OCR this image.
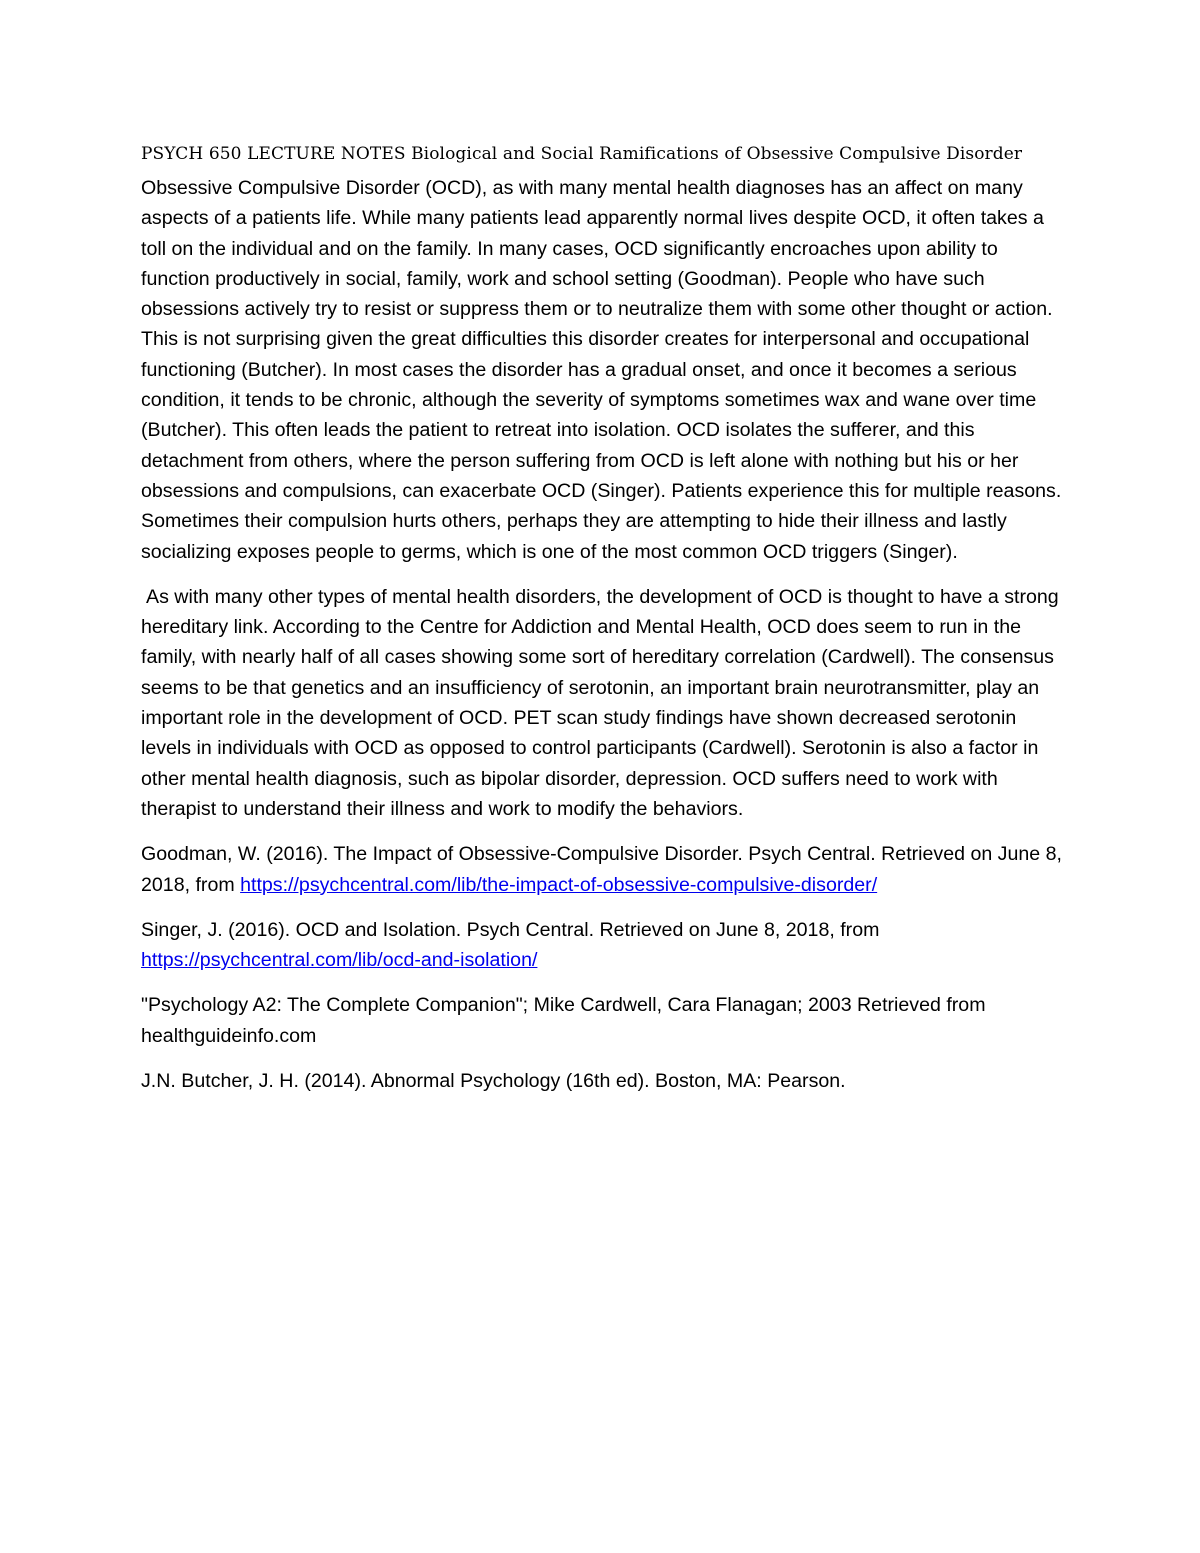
PSYCH 650 LECTURE NOTES Biological and Social Ramifications of Obsessive Compulsive Disorder

Obsessive Compulsive Disorder (OCD), as with many mental health diagnoses has an affect on many aspects of a patients life. While many patients lead apparently normal lives despite OCD, it often takes a toll on the individual and on the family. In many cases, OCD significantly encroaches upon ability to function productively in social, family, work and school setting (Goodman). People who have such obsessions actively try to resist or suppress them or to neutralize them with some other thought or action. This is not surprising given the great difficulties this disorder creates for interpersonal and occupational functioning (Butcher). In most cases the disorder has a gradual onset, and once it becomes a serious condition, it tends to be chronic, although the severity of symptoms sometimes wax and wane over time (Butcher). This often leads the patient to retreat into isolation. OCD isolates the sufferer, and this detachment from others, where the person suffering from OCD is left alone with nothing but his or her obsessions and compulsions, can exacerbate OCD (Singer). Patients experience this for multiple reasons. Sometimes their compulsion hurts others, perhaps they are attempting to hide their illness and lastly socializing exposes people to germs, which is one of the most common OCD triggers (Singer).

As with many other types of mental health disorders, the development of OCD is thought to have a strong hereditary link. According to the Centre for Addiction and Mental Health, OCD does seem to run in the family, with nearly half of all cases showing some sort of hereditary correlation (Cardwell). The consensus seems to be that genetics and an insufficiency of serotonin, an important brain neurotransmitter, play an important role in the development of OCD. PET scan study findings have shown decreased serotonin levels in individuals with OCD as opposed to control participants (Cardwell). Serotonin is also a factor in other mental health diagnosis, such as bipolar disorder, depression. OCD suffers need to work with therapist to understand their illness and work to modify the behaviors.

Goodman, W. (2016). The Impact of Obsessive-Compulsive Disorder. Psych Central. Retrieved on June 8, 2018, from https://psychcentral.com/lib/the-impact-of-obsessive-compulsive-disorder/

Singer, J. (2016). OCD and Isolation. Psych Central. Retrieved on June 8, 2018, from https://psychcentral.com/lib/ocd-and-isolation/

"Psychology A2: The Complete Companion"; Mike Cardwell, Cara Flanagan; 2003 Retrieved from healthguideinfo.com

J.N. Butcher, J. H. (2014). Abnormal Psychology (16th ed). Boston, MA: Pearson.
